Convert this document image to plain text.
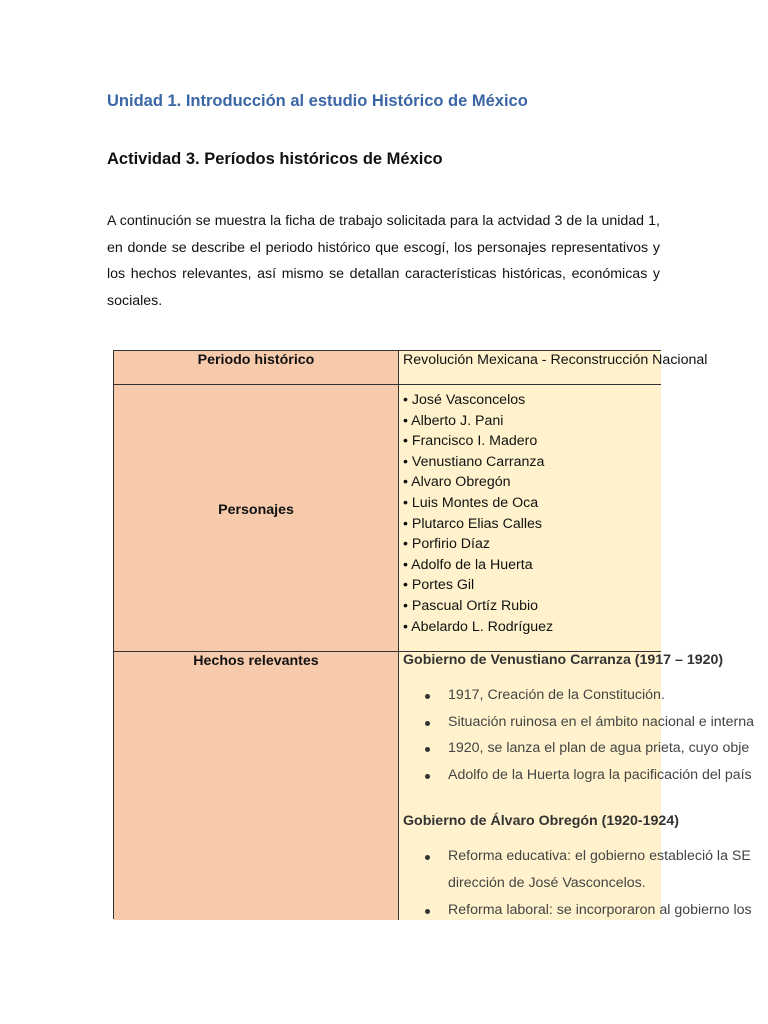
Unidad 1. Introducción al estudio Histórico de México
Actividad 3. Períodos históricos de México
A continución se muestra la ficha de trabajo solicitada para la actvidad 3 de la unidad 1, en donde se describe el periodo histórico que escogí, los personajes representativos y los hechos relevantes, así mismo se detallan características históricas, económicas y sociales.
Periodo histórico
Personajes
Hechos relevantes
Revolución Mexicana - Reconstrucción Nacional
• José Vasconcelos
• Alberto J. Pani
• Francisco I. Madero
• Venustiano Carranza
• Alvaro Obregón
• Luis Montes de Oca
• Plutarco Elias Calles
• Porfirio Díaz
• Adolfo de la Huerta
• Portes Gil
• Pascual Ortíz Rubio
• Abelardo L. Rodríguez
Gobierno de Venustiano Carranza (1917 – 1920)
1917, Creación de la Constitución.
Situación ruinosa en el ámbito nacional e interna
1920, se lanza el plan de agua prieta, cuyo obje
Adolfo de la Huerta logra la pacificación del país
Gobierno de Álvaro Obregón (1920-1924)
Reforma educativa: el gobierno estableció la SE
dirección de José Vasconcelos.
Reforma laboral: se incorporaron al gobierno los
